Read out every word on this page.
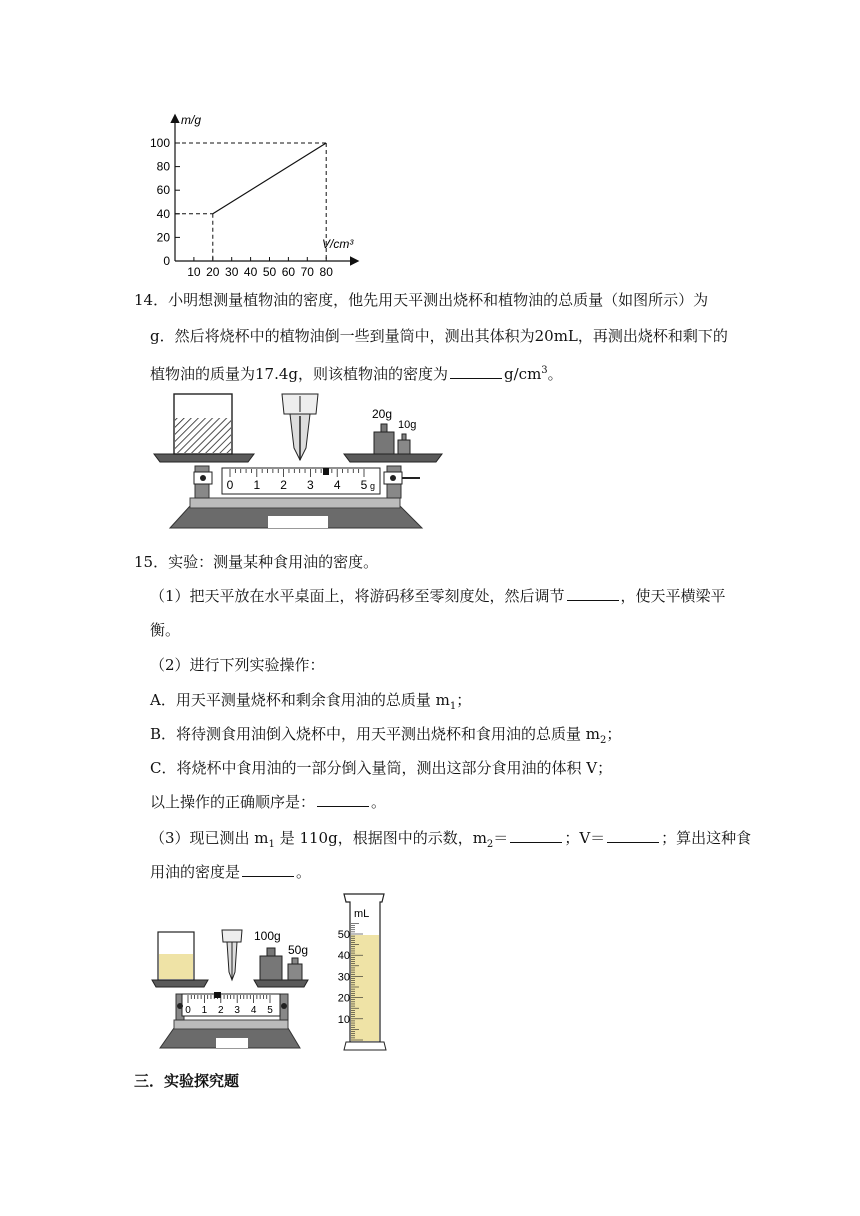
m/g
V/cm³
100
80
60
40
20
0
10 20 30 40 50 60 70 80
14．小明想测量植物油的密度，他先用天平测出烧杯和植物油的总质量（如图所示）为
g．然后将烧杯中的植物油倒一些到量筒中，测出其体积为20mL，再测出烧杯和剩下的
植物油的质量为17.4g，则该植物油的密度为	$g/cm^3$。
20g
10g
0 1 2 3 4 5 g
15．实验：测量某种食用油的密度。
（1）把天平放在水平桌面上，将游码移至零刻度处，然后调节	，使天平横梁平
衡。
（2）进行下列实验操作：
A．用天平测量烧杯和剩余食用油的总质量 $m_1$；
B．将待测食用油倒入烧杯中，用天平测出烧杯和食用油的总质量 $m_2$；
C．将烧杯中食用油的一部分倒入量筒，测出这部分食用油的体积 V；
以上操作的正确顺序是：	。
（3）现已测出 $m_1$ 是 110g，根据图中的示数，$m_2=$	；V＝	；算出这种食
用油的密度是	。
100g
50g
0 1 2 3 4 5
mL
50
40
30
20
10
三．实验探究题
